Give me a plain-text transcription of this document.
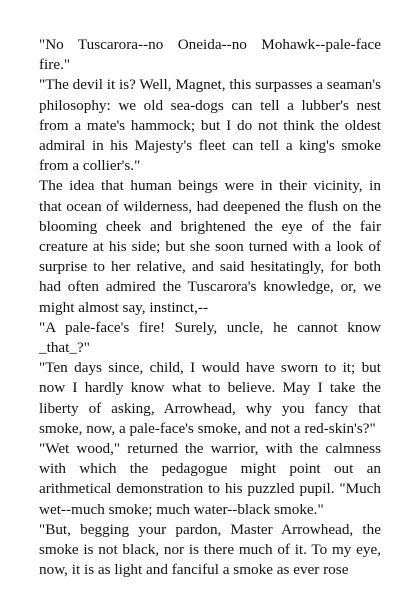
"No Tuscarora--no Oneida--no Mohawk--pale-face fire."

"The devil it is? Well, Magnet, this surpasses a seaman's philosophy: we old sea-dogs can tell a lubber's nest from a mate's hammock; but I do not think the oldest admiral in his Majesty's fleet can tell a king's smoke from a collier's."

The idea that human beings were in their vicinity, in that ocean of wilderness, had deepened the flush on the blooming cheek and brightened the eye of the fair creature at his side; but she soon turned with a look of surprise to her relative, and said hesitatingly, for both had often admired the Tuscarora's knowledge, or, we might almost say, instinct,--

"A pale-face's fire! Surely, uncle, he cannot know _that_?"

"Ten days since, child, I would have sworn to it; but now I hardly know what to believe. May I take the liberty of asking, Arrowhead, why you fancy that smoke, now, a pale-face's smoke, and not a red-skin's?"

"Wet wood," returned the warrior, with the calmness with which the pedagogue might point out an arithmetical demonstration to his puzzled pupil. "Much wet--much smoke; much water--black smoke."

"But, begging your pardon, Master Arrowhead, the smoke is not black, nor is there much of it. To my eye, now, it is as light and fanciful a smoke as ever rose
